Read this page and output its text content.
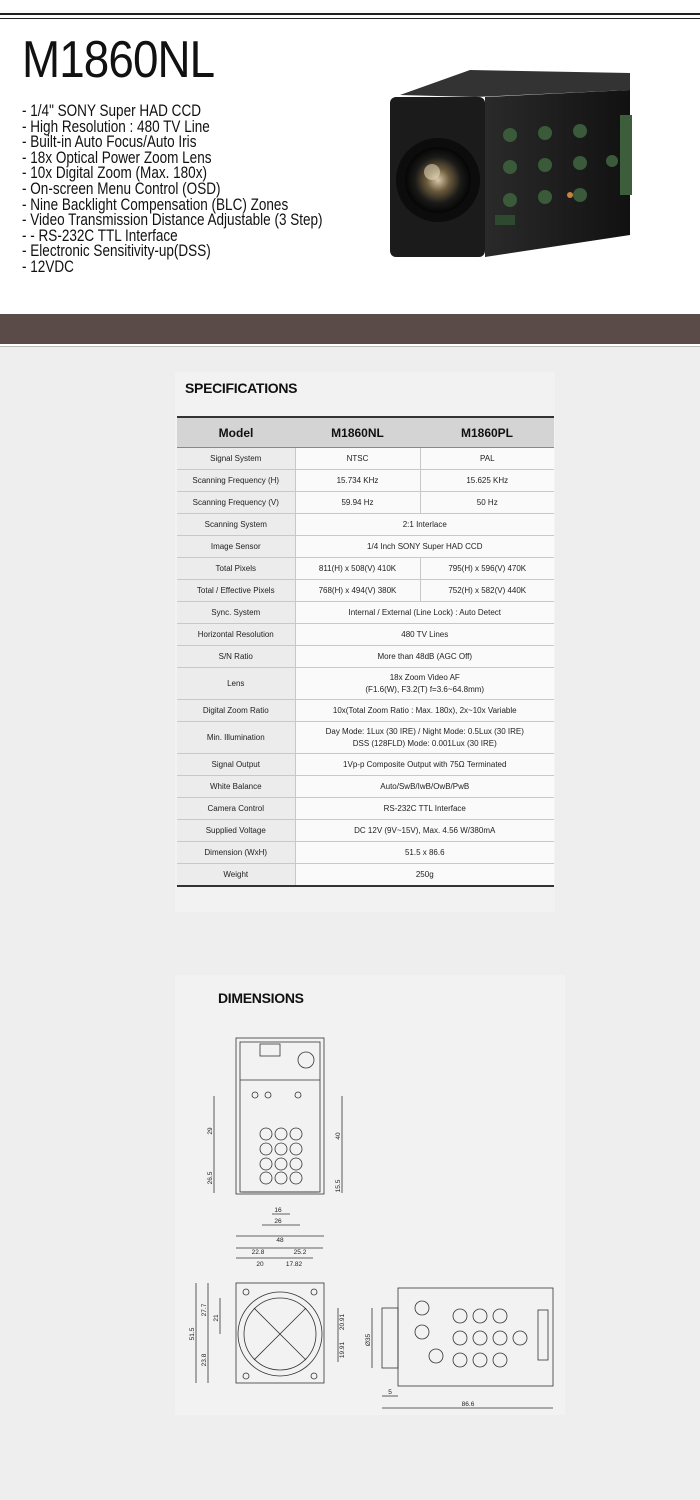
M1860NL
- 1/4" SONY Super HAD CCD
- High Resolution : 480 TV Line
- Built-in Auto Focus/Auto Iris
- 18x Optical Power Zoom Lens
- 10x Digital Zoom (Max. 180x)
- On-screen Menu Control (OSD)
- Nine Backlight Compensation (BLC) Zones
- Video Transmission Distance Adjustable (3 Step)
- - RS-232C TTL Interface
- Electronic Sensitivity-up(DSS)
- 12VDC
SPECIFICATIONS
Model	M1860NL	M1860PL
Signal System	NTSC	PAL
Scanning Frequency (H)	15.734 KHz	15.625 KHz
Scanning Frequency (V)	59.94 Hz	50 Hz
Scanning System	2:1 Interlace	
Image Sensor	1/4 Inch SONY Super HAD CCD	
Total Pixels	811(H) x 508(V) 410K	795(H) x 596(V) 470K
Total / Effective Pixels	768(H) x 494(V) 380K	752(H) x 582(V) 440K
Sync. System	Internal / External (Line Lock) : Auto Detect	
Horizontal Resolution	480 TV Lines	
S/N Ratio	More than 48dB (AGC Off)	
Lens	18x Zoom Video AF
(F1.6(W), F3.2(T) f=3.6~64.8mm)	

Digital Zoom Ratio	10x(Total Zoom Ratio : Max. 180x), 2x~10x Variable	
Min. Illumination	Day Mode: 1Lux (30 IRE) / Night Mode: 0.5Lux (30 IRE)
DSS (128FLD) Mode: 0.001Lux (30 IRE)	

Signal Output	1Vp-p Composite Output with 75Ω Terminated	
White Balance	Auto/SwB/IwB/OwB/PwB	
Camera Control	RS-232C TTL Interface	
Supplied Voltage	DC 12V (9V~15V), Max. 4.56 W/380mA	
Dimension (WxH)	51.5 x 86.6	
Weight	250g	
DIMENSIONS
29
26.5
40
15.5
16
26
48
22.8	25.2
20	17.82
27.7
21
51.5
23.8
20.91
19.91
Ø35
5
86.6
